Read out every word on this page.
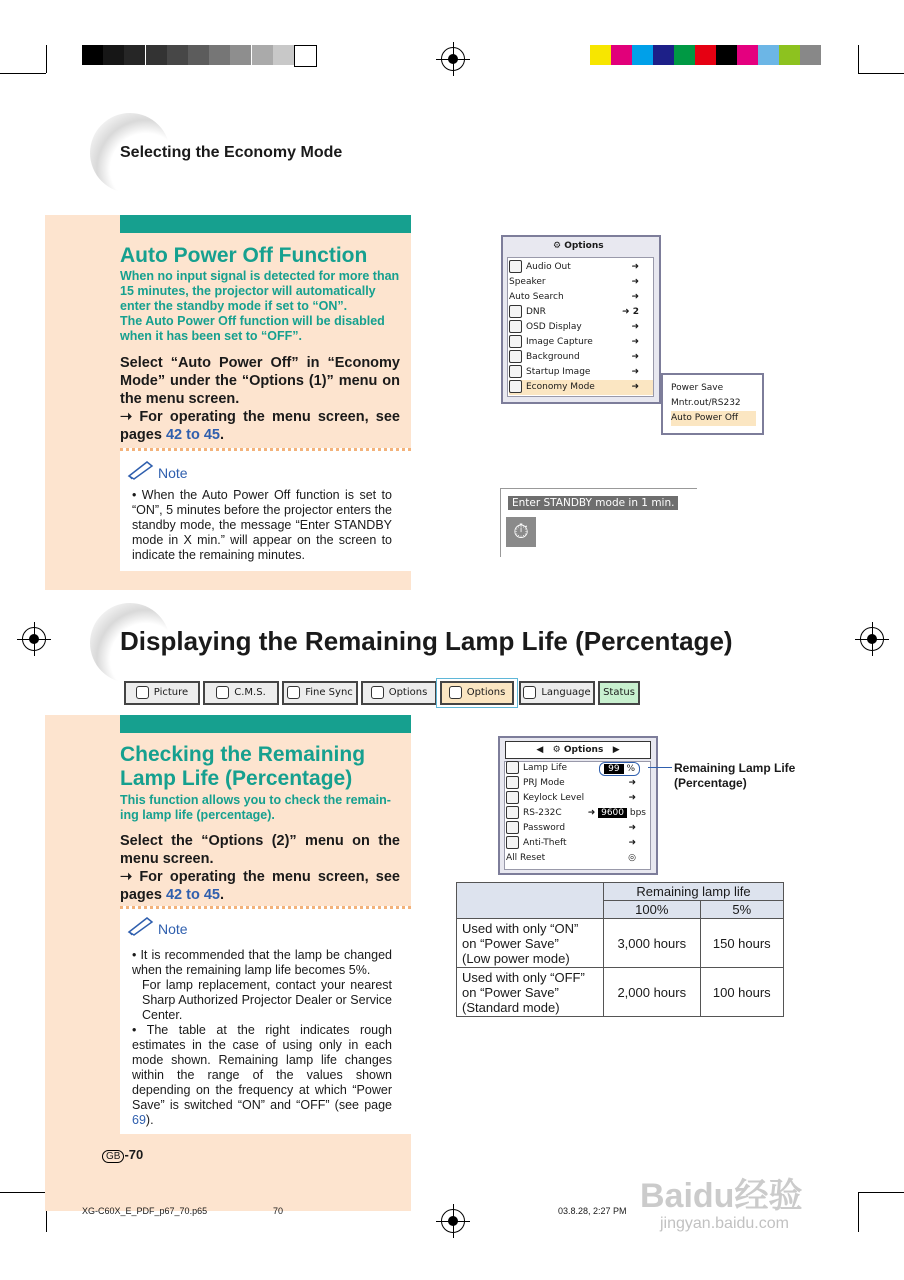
Selecting the Economy Mode
Auto Power Off Function
When no input signal is detected for more than
15 minutes, the projector will automatically
enter the standby mode if set to “ON”.
The Auto Power Off function will be disabled
when it has been set to “OFF”.
Select “Auto Power Off” in “Economy Mode” under the “Options (1)” menu on the menu screen.
➝ For operating the menu screen, see pages 42 to 45.
Note
• When the Auto Power Off function is set to “ON”, 5 minutes before the projector enters the standby mode, the message “Enter STANDBY mode in X min.” will appear on the screen to indicate the remaining minutes.
⚙ Options
Audio Out	➜
Speaker	➜
Auto Search	➜
DNR	➜ 2
OSD Display	➜
Image Capture	➜
Background	➜
Startup Image	➜
Economy Mode	➜	Power Save
Mntr.out/RS232
Auto Power Off
Enter STANDBY mode in 1 min.
⏱
Displaying the Remaining Lamp Life (Percentage)
Picture	C.M.S.	Fine Sync	Options	Options	Language	Status
Checking the Remaining
Lamp Life (Percentage)
This function allows you to check the remain-
ing lamp life (percentage).
Select the “Options (2)” menu on the menu screen.
➝ For operating the menu screen, see pages 42 to 45.
Note
• It is recommended that the lamp be changed when the remaining lamp life becomes 5%.
For lamp replacement, contact your nearest Sharp Authorized Projector Dealer or Service Center.
• The table at the right indicates rough estimates in the case of using only in each mode shown. Remaining lamp life changes within the range of the values shown depending on the frequency at which “Power Save” is switched “ON” and “OFF” (see page 69).
◀   ⚙ Options   ▶
Lamp Life	99 %
PRJ Mode	➜
Keylock Level	➜
RS-232C	➜ 9600 bps
Password	➜
Anti-Theft	➜
All Reset	◎
Remaining Lamp Life (Percentage)
	Remaining lamp life	
	100%	5%

Used with only “ON”
on “Power Save”
(Low power mode)	3,000 hours	150 hours

Used with only “OFF”
on “Power Save”
(Standard mode)	2,000 hours	100 hours
GB -70
XG-C60X_E_PDF_p67_70.p65	70	03.8.28, 2:27 PM Baidu经验
jingyan.baidu.com
